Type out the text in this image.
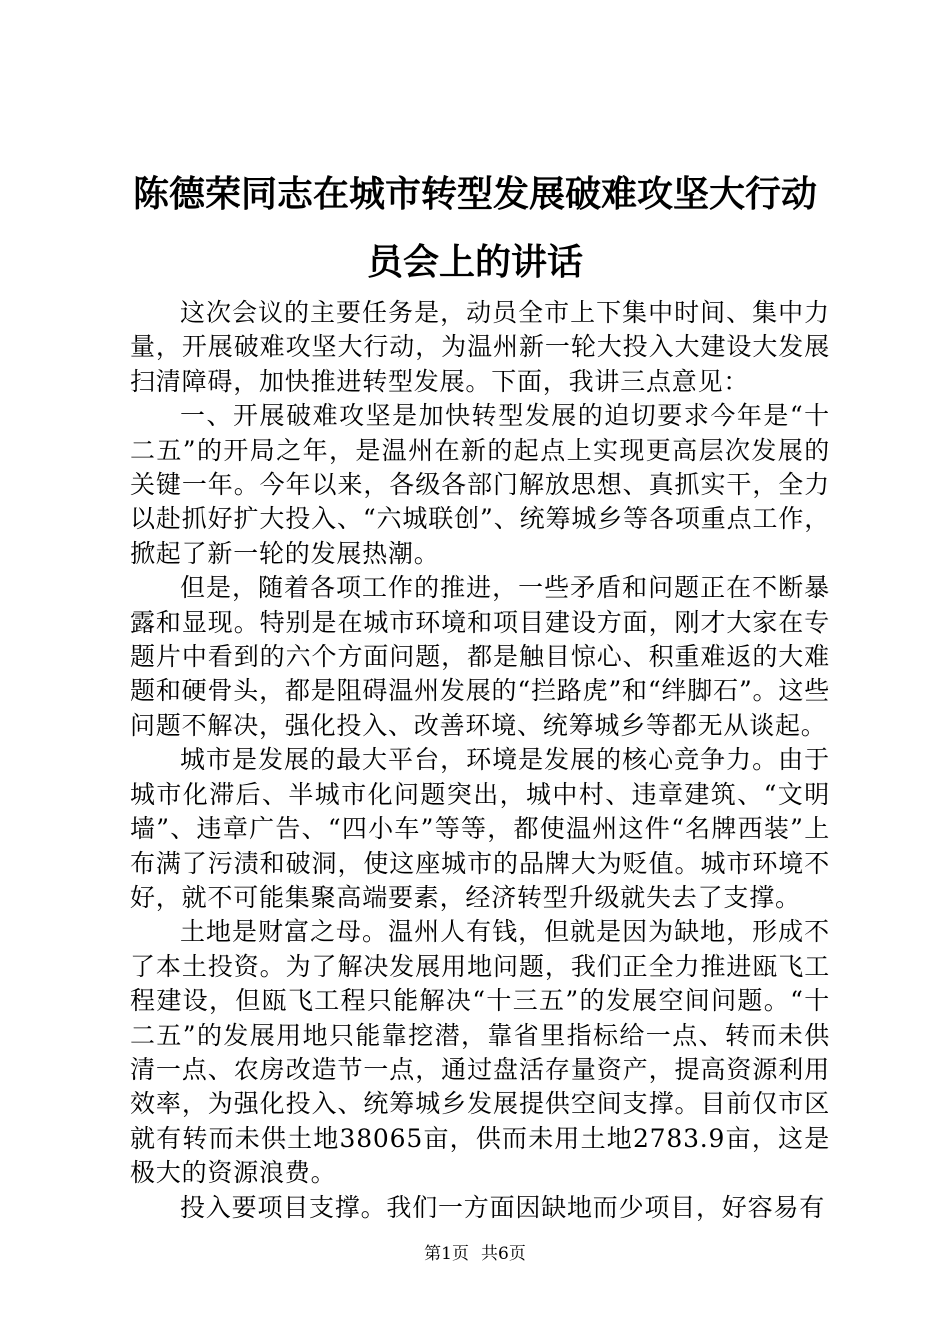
陈德荣同志在城市转型发展破难攻坚大行动员会上的讲话

这次会议的主要任务是，动员全市上下集中时间、集中力量，开展破难攻坚大行动，为温州新一轮大投入大建设大发展扫清障碍，加快推进转型发展。下面，我讲三点意见：

一、开展破难攻坚是加快转型发展的迫切要求今年是“十二五”的开局之年，是温州在新的起点上实现更高层次发展的关键一年。今年以来，各级各部门解放思想、真抓实干，全力以赴抓好扩大投入、“六城联创”、统筹城乡等各项重点工作，掀起了新一轮的发展热潮。

但是，随着各项工作的推进，一些矛盾和问题正在不断暴露和显现。特别是在城市环境和项目建设方面，刚才大家在专题片中看到的六个方面问题，都是触目惊心、积重难返的大难题和硬骨头，都是阻碍温州发展的“拦路虎”和“绊脚石”。这些问题不解决，强化投入、改善环境、统筹城乡等都无从谈起。

城市是发展的最大平台，环境是发展的核心竞争力。由于城市化滞后、半城市化问题突出，城中村、违章建筑、“文明墙”、违章广告、“四小车”等等，都使温州这件“名牌西装”上布满了污渍和破洞，使这座城市的品牌大为贬值。城市环境不好，就不可能集聚高端要素，经济转型升级就失去了支撑。

土地是财富之母。温州人有钱，但就是因为缺地，形成不了本土投资。为了解决发展用地问题，我们正全力推进瓯飞工程建设，但瓯飞工程只能解决“十三五”的发展空间问题。“十二五”的发展用地只能靠挖潜，靠省里指标给一点、转而未供清一点、农房改造节一点，通过盘活存量资产，提高资源利用效率，为强化投入、统筹城乡发展提供空间支撑。目前仅市区就有转而未供土地38065亩，供而未用土地2783.9亩，这是极大的资源浪费。

投入要项目支撑。我们一方面因缺地而少项目，好容易有

第1页 共6页
